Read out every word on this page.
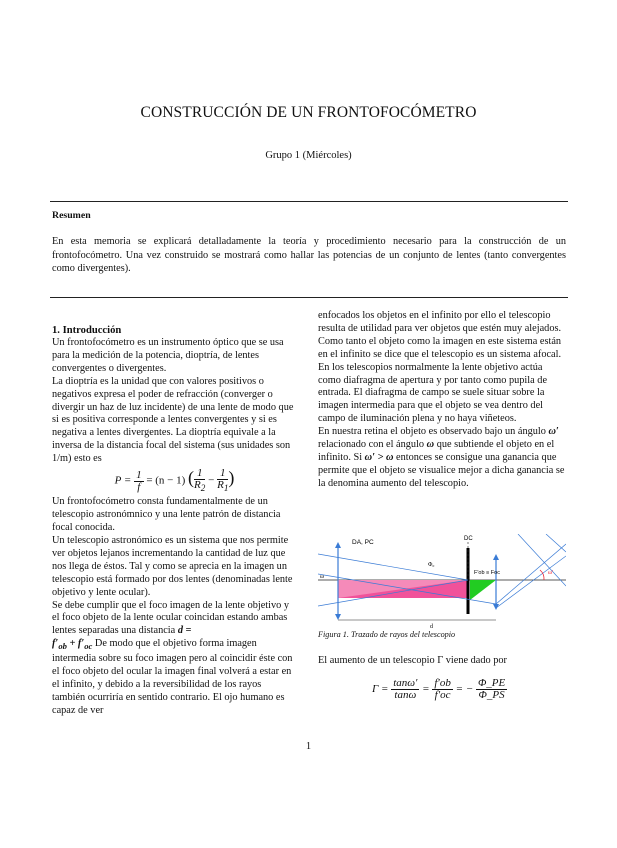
CONSTRUCCIÓN DE UN FRONTOFOCÓMETRO
Grupo 1 (Miércoles)
Resumen
En esta memoria se explicará detalladamente la teoría y procedimiento necesario para la construcción de un frontofocómetro. Una vez construido se mostrará como hallar las potencias de un conjunto de lentes (tanto convergentes como divergentes).
1. Introducción

Un frontofocómetro es un instrumento óptico que se usa para la medición de la potencia, dioptría, de lentes convergentes o divergentes.

La dioptría es la unidad que con valores positivos o negativos expresa el poder de refracción (converger o divergir un haz de luz incidente) de una lente de modo que si es positiva corresponde a lentes convergentes y si es negativa a lentes divergentes. La dioptría equivale a la inversa de la distancia focal del sistema (sus unidades son 1/m) esto es

$P = \frac{1}{f} = (n - 1)$ ( $\frac{1}{R_2} - \frac{1}{R_1}$ )

Un frontofocómetro consta fundamentalmente de un telescopio astronómnico y una lente patrón de distancia focal conocida.

Un telescopio astronómico es un sistema que nos permite ver objetos lejanos incrementando la cantidad de luz que nos llega de éstos. Tal y como se aprecia en la imagen un telescopio está formado por dos lentes (denominadas lente objetivo y lente ocular).

Se debe cumplir que el foco imagen de la lente objetivo y el foco objeto de la lente ocular coincidan estando ambas lentes separadas una distancia d =
$f'_{ob} + f'_{oc}$ De modo que el objetivo forma imagen intermedia sobre su foco imagen pero al coincidir éste con el foco objeto del ocular la imagen final volverá a estar en el infinito, y debido a la reversibilidad de los rayos también ocurriría en sentido contrario. El ojo humano es capaz de ver

enfocados los objetos en el infinito por ello el telescopio resulta de utilidad para ver objetos que estén muy alejados. Como tanto el objeto como la imagen en este sistema están en el infinito se dice que el telescopio es un sistema afocal.

En los telescopios normalmente la lente objetivo actúa como diafragma de apertura y por tanto como pupila de entrada. El diafragma de campo se suele situar sobre la imagen intermedia para que el objeto se vea dentro del campo de iluminación plena y no haya viñeteos.

En nuestra retina el objeto es observado bajo un ángulo ω′ relacionado con el ángulo ω que subtiende el objeto en el infinito. Si ω′ > ω entonces se consigue una ganancia que permite que el objeto se visualice mejor a dicha ganancia se la denomina aumento del telescopio.

DA, PC	DC
Φ₀
F′ob ≡ Foc
ω
ω′
d
Figura 1. Trazado de rayos del telescopio
El aumento de un telescopio Γ viene dado por
$\Gamma = \frac{\tan\omega'}{\tan\omega} = \frac{f'ob}{f'oc}$ = − $\frac{\Phi\_PE}{\Phi\_PS}$
1
